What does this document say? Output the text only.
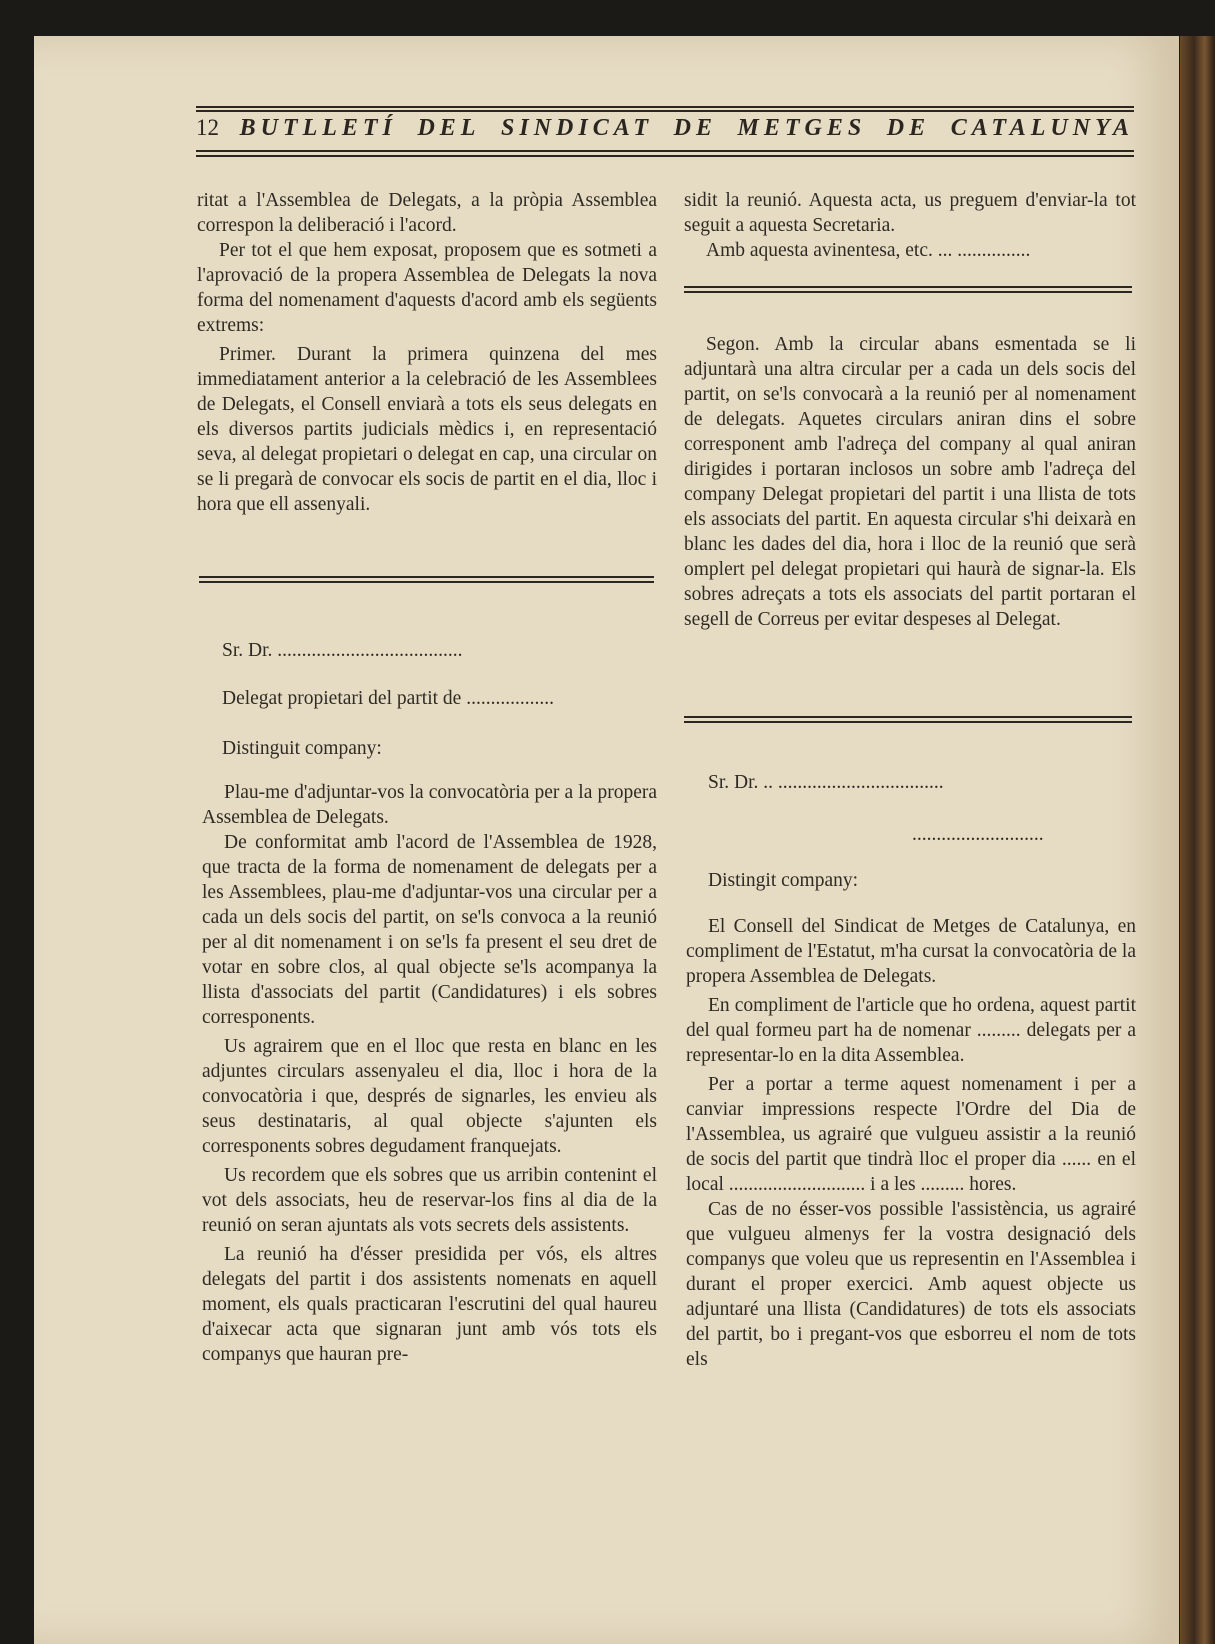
12 BUTLLETÍ DEL SINDICAT DE METGES DE CATALUNYA

ritat a l'Assemblea de Delegats, a la pròpia Assemblea correspon la deliberació i l'acord.

Per tot el que hem exposat, proposem que es sotmeti a l'aprovació de la propera Assemblea de Delegats la nova forma del nomenament d'aquests d'acord amb els següents extrems:

Primer. Durant la primera quinzena del mes immediatament anterior a la celebració de les Assemblees de Delegats, el Consell enviarà a tots els seus delegats en els diversos partits judicials mèdics i, en representació seva, al delegat propietari o delegat en cap, una circular on se li pregarà de convocar els socis de partit en el dia, lloc i hora que ell assenyali.

Sr. Dr. ......................................
Delegat propietari del partit de ..................
Distinguit company:

Plau-me d'adjuntar-vos la convocatòria per a la propera Assemblea de Delegats.

De conformitat amb l'acord de l'Assemblea de 1928, que tracta de la forma de nomenament de delegats per a les Assemblees, plau-me d'adjuntar-vos una circular per a cada un dels socis del partit, on se'ls convoca a la reunió per al dit nomenament i on se'ls fa present el seu dret de votar en sobre clos, al qual objecte se'ls acompanya la llista d'associats del partit (Candidatures) i els sobres corresponents.

Us agrairem que en el lloc que resta en blanc en les adjuntes circulars assenyaleu el dia, lloc i hora de la convocatòria i que, després de signarles, les envieu als seus destinataris, al qual objecte s'ajunten els corresponents sobres degudament franquejats.

Us recordem que els sobres que us arribin contenint el vot dels associats, heu de reservar-los fins al dia de la reunió on seran ajuntats als vots secrets dels assistents.

La reunió ha d'ésser presidida per vós, els altres delegats del partit i dos assistents nomenats en aquell moment, els quals practicaran l'escrutini del qual haureu d'aixecar acta que signaran junt amb vós tots els companys que hauran pre-

sidit la reunió. Aquesta acta, us preguem d'enviar-la tot seguit a aquesta Secretaria.

Amb aquesta avinentesa, etc. ... ...............

Segon. Amb la circular abans esmentada se li adjuntarà una altra circular per a cada un dels socis del partit, on se'ls convocarà a la reunió per al nomenament de delegats. Aquetes circulars aniran dins el sobre corresponent amb l'adreça del company al qual aniran dirigides i portaran inclosos un sobre amb l'adreça del company Delegat propietari del partit i una llista de tots els associats del partit. En aquesta circular s'hi deixarà en blanc les dades del dia, hora i lloc de la reunió que serà omplert pel delegat propietari qui haurà de signar-la. Els sobres adreçats a tots els associats del partit portaran el segell de Correus per evitar despeses al Delegat.

Sr. Dr. .. ..................................
...........................
Distingit company:

El Consell del Sindicat de Metges de Catalunya, en compliment de l'Estatut, m'ha cursat la convocatòria de la propera Assemblea de Delegats.

En compliment de l'article que ho ordena, aquest partit del qual formeu part ha de nomenar ......... delegats per a representar-lo en la dita Assemblea.

Per a portar a terme aquest nomenament i per a canviar impressions respecte l'Ordre del Dia de l'Assemblea, us agrairé que vulgueu assistir a la reunió de socis del partit que tindrà lloc el proper dia ...... en el local ............................ i a les ......... hores.

Cas de no ésser-vos possible l'assistència, us agrairé que vulgueu almenys fer la vostra designació dels companys que voleu que us representin en l'Assemblea i durant el proper exercici. Amb aquest objecte us adjuntaré una llista (Candidatures) de tots els associats del partit, bo i pregant-vos que esborreu el nom de tots els
